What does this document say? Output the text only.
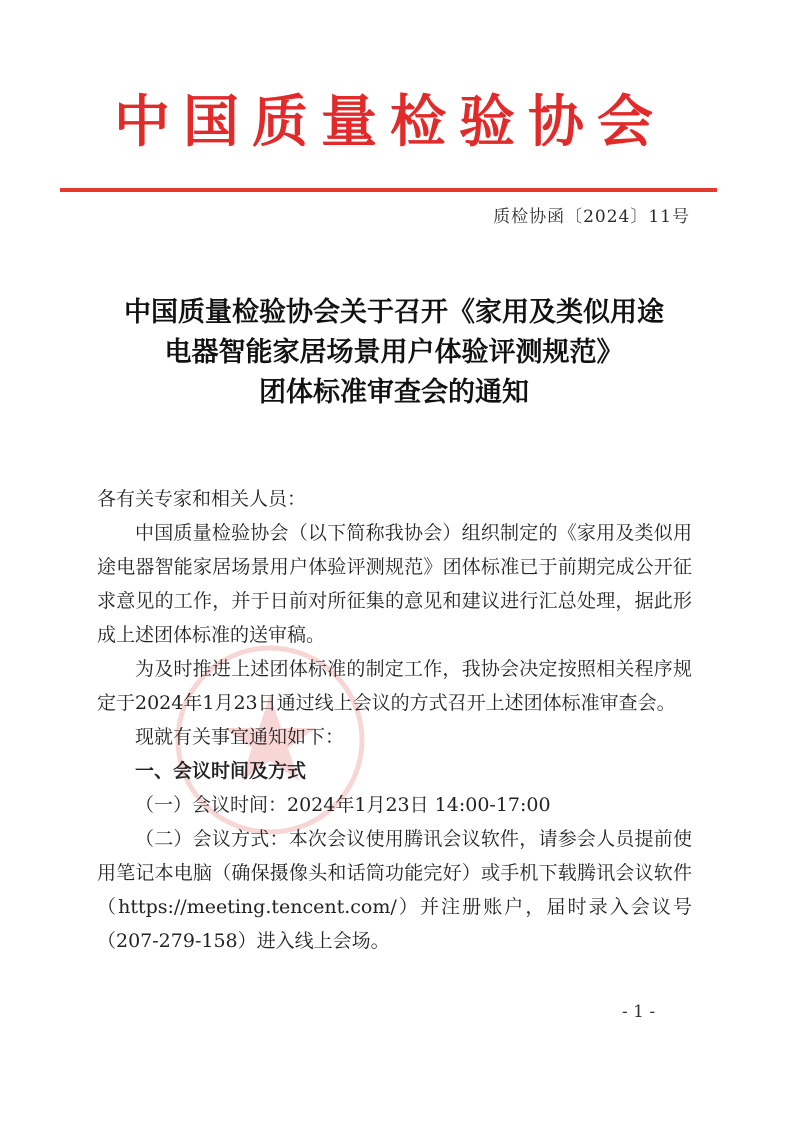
中国质量检验协会
质检协函〔2024〕11号
中国质量检验协会关于召开《家用及类似用途
电器智能家居场景用户体验评测规范》
团体标准审查会的通知

各有关专家和相关人员：

中国质量检验协会（以下简称我协会）组织制定的《家用及类似用途电器智能家居场景用户体验评测规范》团体标准已于前期完成公开征求意见的工作，并于日前对所征集的意见和建议进行汇总处理，据此形成上述团体标准的送审稿。

为及时推进上述团体标准的制定工作，我协会决定按照相关程序规定于2024年1月23日通过线上会议的方式召开上述团体标准审查会。

现就有关事宜通知如下：

一、会议时间及方式

（一）会议时间：2024年1月23日 14:00-17:00

（二）会议方式：本次会议使用腾讯会议软件，请参会人员提前使用笔记本电脑（确保摄像头和话筒功能完好）或手机下载腾讯会议软件（https://meeting.tencent.com/）并注册账户，届时录入会议号（207-279-158）进入线上会场。

- 1 -
